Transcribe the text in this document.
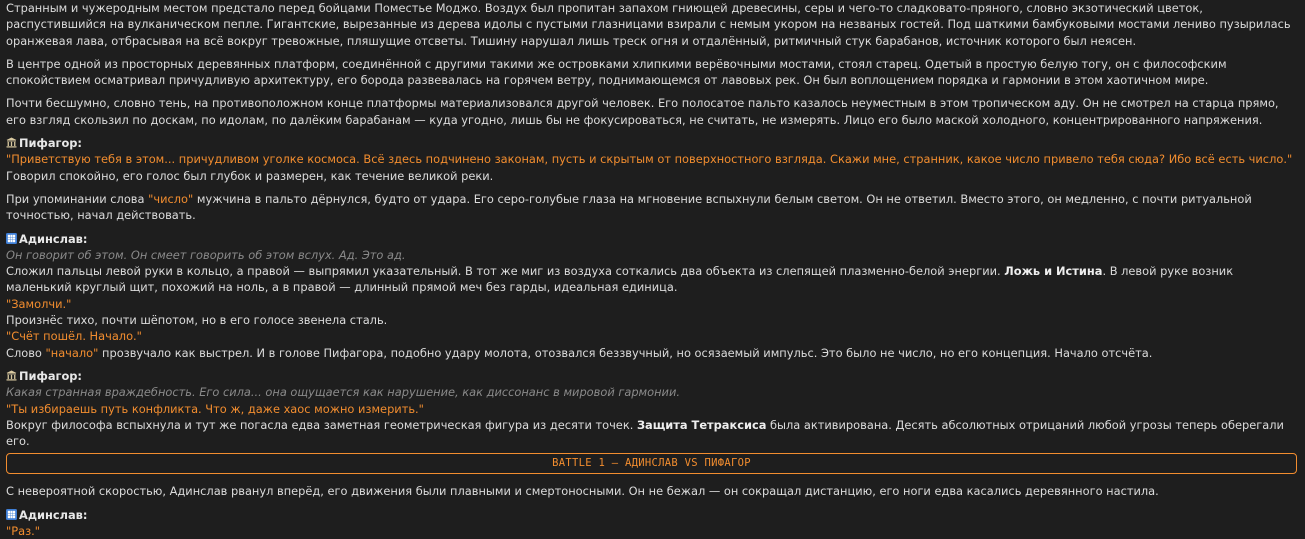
Странным и чужеродным местом предстало перед бойцами Поместье Моджо. Воздух был пропитан запахом гниющей древесины, серы и чего-то сладковато-пряного, словно экзотический цветок, распустившийся на вулканическом пепле. Гигантские, вырезанные из дерева идолы с пустыми глазницами взирали с немым укором на незваных гостей. Под шаткими бамбуковыми мостами лениво пузырилась оранжевая лава, отбрасывая на всё вокруг тревожные, пляшущие отсветы. Тишину нарушал лишь треск огня и отдалённый, ритмичный стук барабанов, источник которого был неясен.

В центре одной из просторных деревянных платформ, соединённой с другими такими же островками хлипкими верёвочными мостами, стоял старец. Одетый в простую белую тогу, он с философским спокойствием осматривал причудливую архитектуру, его борода развевалась на горячем ветру, поднимающемся от лавовых рек. Он был воплощением порядка и гармонии в этом хаотичном мире.

Почти бесшумно, словно тень, на противоположном конце платформы материализовался другой человек. Его полосатое пальто казалось неуместным в этом тропическом аду. Он не смотрел на старца прямо, его взгляд скользил по доскам, по идолам, по далёким барабанам — куда угодно, лишь бы не фокусироваться, не считать, не измерять. Лицо его было маской холодного, концентрированного напряжения.

Пифагор:

"Приветствую тебя в этом... причудливом уголке космоса. Всё здесь подчинено законам, пусть и скрытым от поверхностного взгляда. Скажи мне, странник, какое число привело тебя сюда? Ибо всё есть число."

Говорил спокойно, его голос был глубок и размерен, как течение великой реки.

При упоминании слова "число" мужчина в пальто дёрнулся, будто от удара. Его серо-голубые глаза на мгновение вспыхнули белым светом. Он не ответил. Вместо этого, он медленно, с почти ритуальной точностью, начал действовать.

Адинслав:

Он говорит об этом. Он смеет говорить об этом вслух. Ад. Это ад.

Сложил пальцы левой руки в кольцо, а правой — выпрямил указательный. В тот же миг из воздуха соткались два объекта из слепящей плазменно-белой энергии. Ложь и Истина. В левой руке возник маленький круглый щит, похожий на ноль, а в правой — длинный прямой меч без гарды, идеальная единица.

"Замолчи."

Произнёс тихо, почти шёпотом, но в его голосе звенела сталь.

"Счёт пошёл. Начало."

Слово "начало" прозвучало как выстрел. И в голове Пифагора, подобно удару молота, отозвался беззвучный, но осязаемый импульс. Это было не число, но его концепция. Начало отсчёта.

Пифагор:

Какая странная враждебность. Его сила... она ощущается как нарушение, как диссонанс в мировой гармонии.

"Ты избираешь путь конфликта. Что ж, даже хаос можно измерить."

Вокруг философа вспыхнула и тут же погасла едва заметная геометрическая фигура из десяти точек. Защита Тетраксиса была активирована. Десять абсолютных отрицаний любой угрозы теперь оберегали его.

BATTLE 1 – АДИНСЛАВ VS ПИФАГОР

С невероятной скоростью, Адинслав рванул вперёд, его движения были плавными и смертоносными. Он не бежал — он сокращал дистанцию, его ноги едва касались деревянного настила.

Адинслав:

"Раз."
